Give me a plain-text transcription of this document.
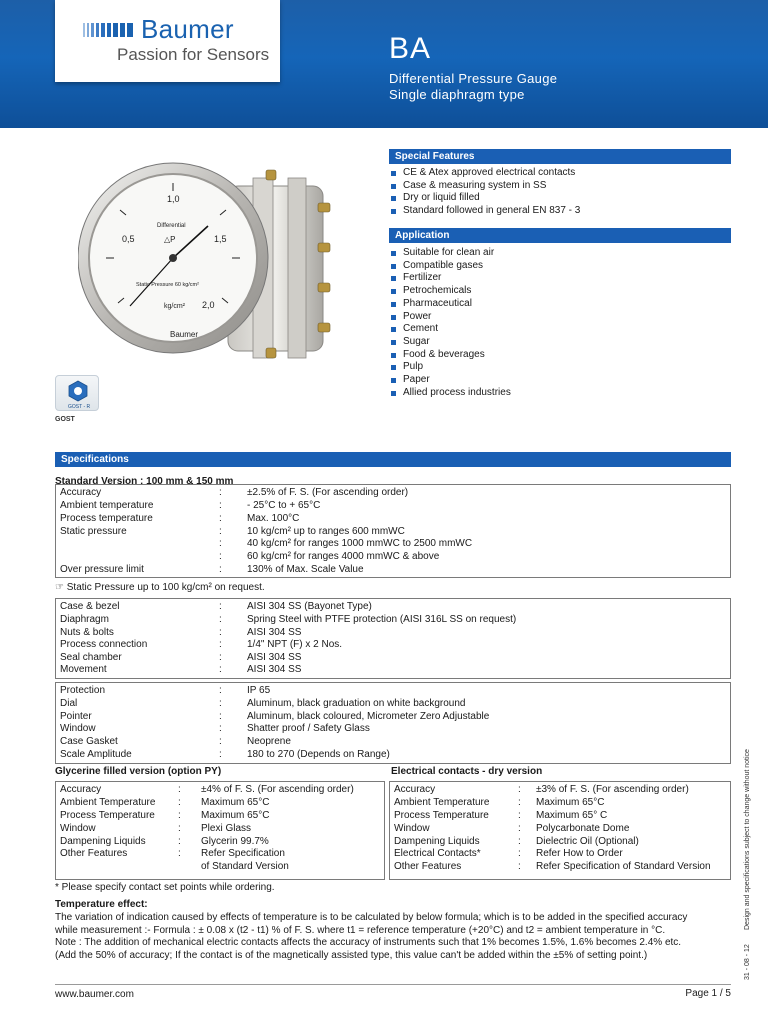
Baumer
Passion for Sensors	BA
Differential Pressure Gauge
Single diaphragm type
0,5
1,0
1,5
2,0
Differential
△P
Static Pressure 60 kg/cm²
kg/cm²
Baumer
GOST - R
GOST
Special Features
CE & Atex approved electrical contacts
Case & measuring system in SS
Dry or liquid filled
Standard followed in general EN 837 - 3
Application
Suitable for clean air
Compatible gases
Fertilizer
Petrochemicals
Pharmaceutical
Power
Cement
Sugar
Food & beverages
Pulp
Paper
Allied process industries
Specifications
Standard Version : 100 mm & 150 mm
Accuracy	:	±2.5% of F. S. (For ascending order)
Ambient temperature	:	- 25°C to + 65°C
Process temperature	:	Max. 100°C
Static pressure	:	10 kg/cm² up to ranges 600 mmWC
:	40 kg/cm² for ranges 1000 mmWC to 2500 mmWC
:	60 kg/cm² for ranges 4000 mmWC & above
Over pressure limit	:	130% of Max. Scale Value
☞ Static Pressure up to 100 kg/cm² on request.
Case & bezel	:	AISI 304 SS (Bayonet Type)
Diaphragm	:	Spring Steel with PTFE protection (AISI 316L SS on request)
Nuts & bolts	:	AISI 304 SS
Process connection	:	1/4" NPT (F) x 2 Nos.
Seal chamber	:	AISI 304 SS
Movement	:	AISI 304 SS
Protection	:	IP 65
Dial	:	Aluminum, black graduation on white background
Pointer	:	Aluminum, black coloured, Micrometer Zero Adjustable
Window	:	Shatter proof / Safety Glass
Case Gasket	:	Neoprene
Scale Amplitude	:	180 to 270 (Depends on Range)
Glycerine filled version (option PY)
Accuracy	: ±4% of F. S. (For ascending order)
Ambient Temperature : Maximum 65°C
Process Temperature : Maximum 65°C
Window	: Plexi Glass
Dampening Liquids	: Glycerin 99.7%
Other Features	: Refer Specification
of Standard Version
Electrical contacts - dry version
Accuracy	: ±3% of F. S. (For ascending order)
Ambient Temperature	: Maximum 65°C
Process Temperature	: Maximum 65° C
Window	: Polycarbonate Dome
Dampening Liquids	: Dielectric Oil (Optional)
Electrical Contacts*	: Refer How to Order
Other Features	: Refer Specification of Standard Version
* Please specify contact set points while ordering.
Temperature effect:
The variation of indication caused by effects of temperature is to be calculated by below formula; which is to be added in the specified accuracy
while measurement :- Formula : ± 0.08 x (t2 - t1) % of F. S. where t1 = reference temperature (+20°C) and t2 = ambient temperature in °C.
Note : The addition of mechanical electric contacts affects the accuracy of instruments such that 1% becomes 1.5%, 1.6% becomes 2.4% etc.
(Add the 50% of accuracy; If the contact is of the magnetically assisted type, this value can't be added within the ±5% of setting point.)
Design and specifications subject to change without notice
31 - 08 - 12
www.baumer.com	Page 1 / 5
